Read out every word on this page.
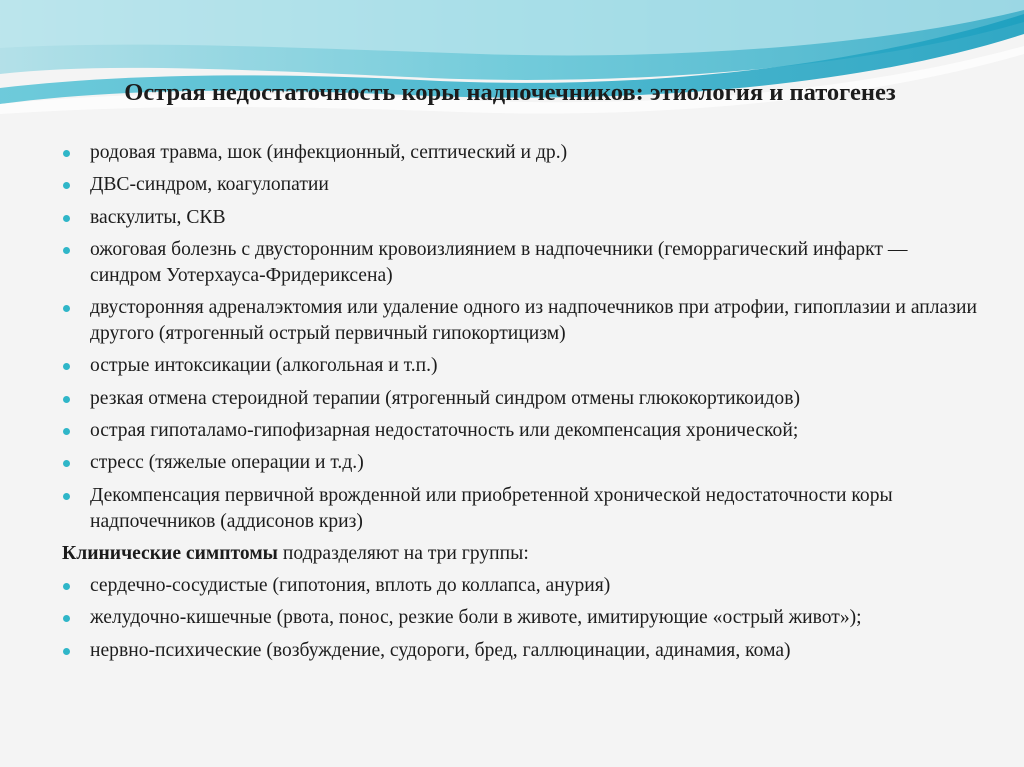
Острая недостаточность коры надпочечников: этиология и патогенез
родовая травма, шок (инфекционный, септический и др.)
ДВС-синдром, коагулопатии
васкулиты, СКВ
ожоговая болезнь с двусторонним кровоизлиянием в надпочечники (геморрагический инфаркт — синдром Уотерхауса-Фридериксена)
двусторонняя адреналэктомия или удаление одного из надпочечников при атрофии, гипоплазии и аплазии другого (ятрогенный острый первичный гипокортицизм)
острые интоксикации (алкогольная и т.п.)
резкая отмена стероидной терапии (ятрогенный синдром отмены глюкокортикоидов)
острая гипоталамо-гипофизарная недостаточность или декомпенсация хронической;
стресс (тяжелые операции и т.д.)
Декомпенсация первичной врожденной или приобретенной хронической недостаточности коры надпочечников (аддисонов криз)
Клинические симптомы подразделяют на три группы:
сердечно-сосудистые (гипотония, вплоть до коллапса, анурия)
желудочно-кишечные (рвота, понос, резкие боли в животе, имитирующие «острый живот»);
нервно-психические (возбуждение, судороги, бред, галлюцинации, адинамия, кома)
